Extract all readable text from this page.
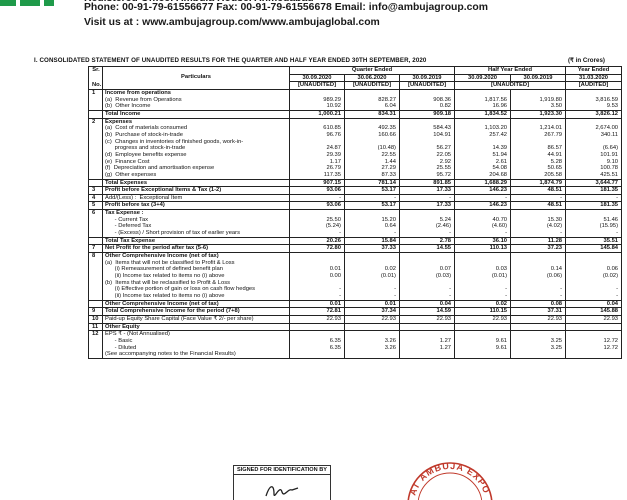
Phone: 00-91-79-61556677 Fax: 00-91-79-61556678 Email: info@ambujagroup.com
Visit us at : www.ambujagroup.com/www.ambujaglobal.com
I. CONSOLIDATED STATEMENT OF UNAUDITED RESULTS FOR THE QUARTER AND HALF YEAR ENDED 30TH SEPTEMBER, 2020	(₹ in Crores)
Sr.		Quarter Ended			Half Year Ended		Year Ended
	Particulars	30.09.2020	30.06.2020	30.09.2019	30.09.2020	30.09.2019	31.03.2020
No.		[UNAUDITED]	[UNAUDITED]	[UNAUDITED]	[UNAUDITED]		[AUDITED]
1	Income from operations						
	(a)  Revenue from Operations	989.29	828.27	908.36	1,817.56	1,919.80	3,816.59
	(b)  Other Income	10.92	6.04	0.82	16.96	3.50	9.53
	Total Income	1,000.21	834.31	909.18	1,834.52	1,923.30	3,826.12
2	Expenses						
	(a)  Cost of materials consumed	610.85	492.35	584.43	1,103.20	1,214.01	2,674.00
	(b)  Purchase of stock-in-trade	96.76	160.66	104.91	257.42	267.79	340.11
	(c)  Changes in inventories of finished goods, work-in-						
	progress and stock-in-trade	24.87	(10.48)	56.27	14.39	86.57	(6.64)
	(d)  Employee benefits expense	29.39	22.55	22.05	51.94	44.91	101.91
	(e)  Finance Cost	1.17	1.44	2.92	2.61	5.28	9.10
	(f)  Depreciation and amortisation expense	26.79	27.29	25.55	54.08	50.65	100.78
	(g)  Other expenses	117.35	87.33	95.72	204.68	205.58	425.51
	Total Expenses	907.15	781.14	891.85	1,688.29	1,874.79	3,644.77
3	Profit before Exceptional Items & Tax (1-2)	93.06	53.17	17.33	146.23	48.51	181.35
4	Add/(Less) :  Exceptional Item	-	-	-	-	-	-
5	Profit before tax (3+4)	93.06	53.17	17.33	146.23	48.51	181.35
6	Tax Expense :						
	- Current Tax	25.50	15.20	5.24	40.70	15.30	51.46
	- Deferred Tax	(5.24)	0.64	(2.46)	(4.60)	(4.02)	(15.95)
	- (Excess) / Short provision of tax of earlier years	-	-	-	-	-	-
	Total Tax Expense	20.26	15.84	2.78	36.10	11.28	35.51
7	Net Profit for the period after tax (5-6)	72.80	37.33	14.55	110.13	37.23	145.84
8	Other Comprehensive Income (net of tax)						
	(a)  Items that will not be classified to Profit & Loss						
	(i) Remeasurement of defined benefit plan	0.01	0.02	0.07	0.03	0.14	0.06
	(ii) Income tax related to items no (i) above	0.00	(0.01)	(0.03)	(0.01)	(0.06)	(0.02)
	(b)  Items that will be reclassified to Profit & Loss						
	(i) Effective portion of gain or loss on cash flow hedges	-	-	-	-	-	-
	(ii) Income tax related to items no (i) above	-	-	-	-	-	-
	Other Comprehensive Income (net of tax)	0.01	0.01	0.04	0.02	0.08	0.04
9	Total Comprehensive Income for the period (7+8)	72.81	37.34	14.59	110.15	37.31	145.88
10	Paid-up Equity Share Capital (Face Value ₹ 2/- per share)	22.93	22.93	22.93	22.93	22.93	22.93
11	Other Equity						
12	EPS ₹ - (Not Annualised)						
	- Basic	6.35	3.26	1.27	9.61	3.25	12.72
	- Diluted	6.35	3.26	1.27	9.61	3.25	12.72
	(See accompanying notes to the Financial Results)						
SIGNED FOR IDENTIFICATION BY
AT AMBUJA EXPO
